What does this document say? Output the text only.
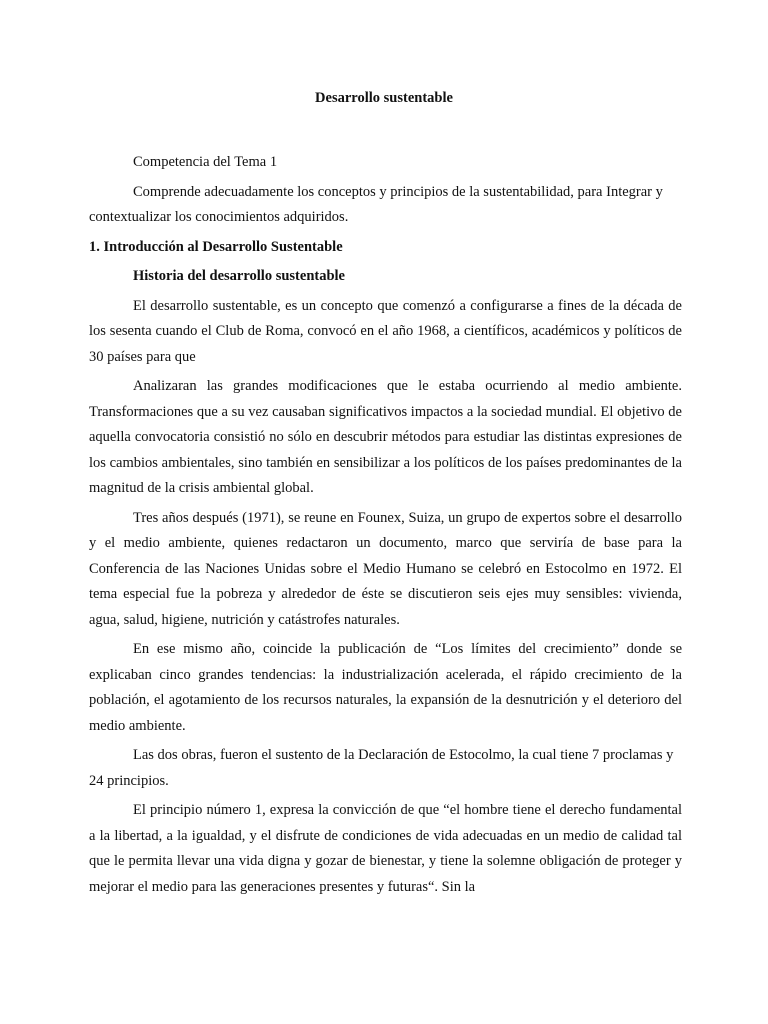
Desarrollo sustentable

Competencia del Tema 1

Comprende adecuadamente los conceptos y principios de la sustentabilidad, para Integrar y contextualizar los conocimientos adquiridos.

1. Introducción al Desarrollo Sustentable

Historia del desarrollo sustentable

El desarrollo sustentable, es un concepto que comenzó a configurarse a fines de la década de los sesenta cuando el Club de Roma, convocó en el año 1968, a científicos, académicos y políticos de 30 países para que

Analizaran las grandes modificaciones que le estaba ocurriendo al medio ambiente. Transformaciones que a su vez causaban significativos impactos a la sociedad mundial. El objetivo de aquella convocatoria consistió no sólo en descubrir métodos para estudiar las distintas expresiones de los cambios ambientales, sino también en sensibilizar a los políticos de los países predominantes de la magnitud de la crisis ambiental global.

Tres años después (1971), se reune en Founex, Suiza, un grupo de expertos sobre el desarrollo y el medio ambiente, quienes redactaron un documento, marco que serviría de base para la Conferencia de las Naciones Unidas sobre el Medio Humano se celebró en Estocolmo en 1972. El tema especial fue la pobreza y alrededor de éste se discutieron seis ejes muy sensibles: vivienda, agua, salud, higiene, nutrición y catástrofes naturales.

En ese mismo año, coincide la publicación de “Los límites del crecimiento” donde se explicaban cinco grandes tendencias: la industrialización acelerada, el rápido crecimiento de la población, el agotamiento de los recursos naturales, la expansión de la desnutrición y el deterioro del medio ambiente.

Las dos obras, fueron el sustento de la Declaración de Estocolmo, la cual tiene 7 proclamas y 24 principios.

El principio número 1, expresa la convicción de que “el hombre tiene el derecho fundamental a la libertad, a la igualdad, y el disfrute de condiciones de vida adecuadas en un medio de calidad tal que le permita llevar una vida digna y gozar de bienestar, y tiene la solemne obligación de proteger y mejorar el medio para las generaciones presentes y futuras“. Sin la
